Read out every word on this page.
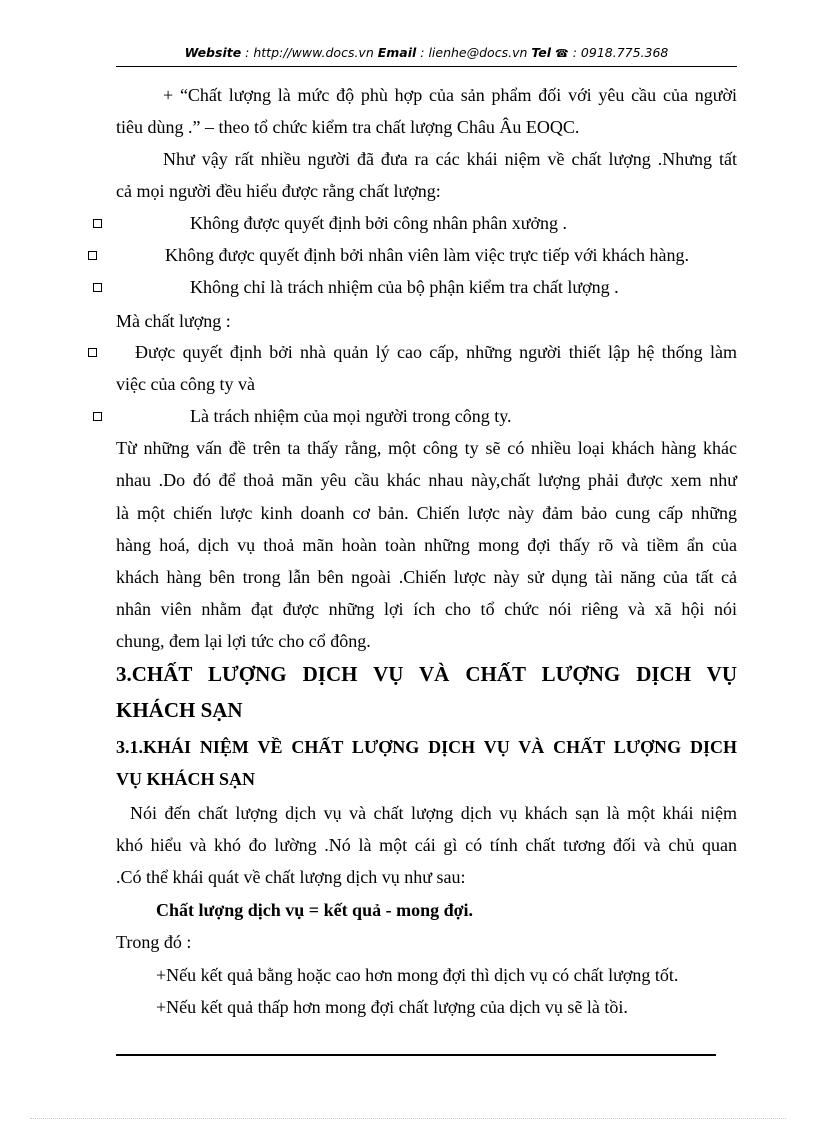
Website : http://www.docs.vn Email : lienhe@docs.vn Tel ☎ : 0918.775.368
+ “Chất lượng là mức độ phù hợp của sản phẩm đối với yêu cầu của người
tiêu dùng .” – theo tổ chức kiểm tra chất lượng Châu Âu EOQC.
Như vậy rất nhiều người đã đưa ra các khái niệm về chất lượng .Nhưng tất
cả mọi người đều hiểu được rằng chất lượng:
Không được quyết định bởi công nhân phân xưởng .
Không được quyết định bởi nhân viên làm việc trực tiếp với khách hàng.
Không chỉ là trách nhiệm của bộ phận kiểm tra chất lượng .
Mà chất lượng :
Được quyết định bởi nhà quản lý cao cấp, những người thiết lập hệ thống làm
việc của công ty và
Là trách nhiệm của mọi người trong công ty.
Từ những vấn đề trên ta thấy rằng, một công ty sẽ có nhiều loại khách hàng khác
nhau .Do đó để thoả mãn yêu cầu khác nhau này,chất lượng phải được xem như
là một chiến lược kinh doanh cơ bản. Chiến lược này đảm bảo cung cấp những
hàng hoá, dịch vụ thoả mãn hoàn toàn những mong đợi thấy rõ và tiềm ẩn của
khách hàng bên trong lẫn bên ngoài .Chiến lược này sử dụng tài năng của tất cả
nhân viên nhằm đạt được những lợi ích cho tổ chức nói riêng và xã hội nói
chung, đem lại lợi tức cho cổ đông.
3.CHẤT LƯỢNG DỊCH VỤ VÀ CHẤT LƯỢNG DỊCH VỤ
KHÁCH SẠN
3.1.KHÁI NIỆM VỀ CHẤT LƯỢNG DỊCH VỤ VÀ CHẤT LƯỢNG DỊCH
VỤ KHÁCH SẠN
Nói đến chất lượng dịch vụ và chất lượng dịch vụ khách sạn là một khái niệm
khó hiểu và khó đo lường .Nó là một cái gì có tính chất tương đối và chủ quan
.Có thể khái quát về chất lượng dịch vụ như sau:
Chất lượng dịch vụ = kết quả - mong đợi.
Trong đó :
+Nếu kết quả bằng hoặc cao hơn mong đợi thì dịch vụ có chất lượng tốt.
+Nếu kết quả thấp hơn mong đợi chất lượng của dịch vụ sẽ là tồi.
